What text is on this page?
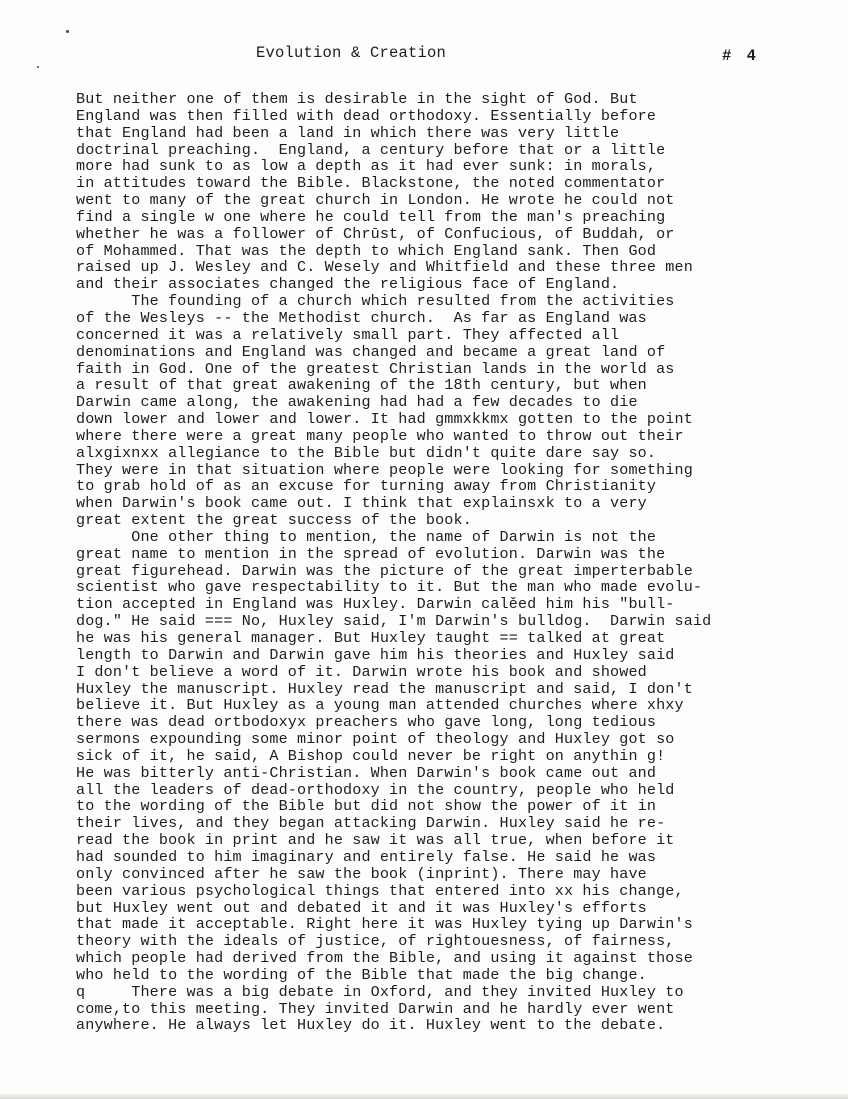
Evolution & Creation	# 4
But neither one of them is desirable in the sight of God. But
England was then filled with dead orthodoxy. Essentially before
that England had been a land in which there was very little
doctrinal preaching.  England, a century before that or a little
more had sunk to as low a depth as it had ever sunk: in morals,
in attitudes toward the Bible. Blackstone, the noted commentator
went to many of the great church in London. He wrote he could not
find a single w one where he could tell from the man's preaching
whether he was a follower of Chrūst, of Confucious, of Buddah, or
of Mohammed. That was the depth to which England sank. Then God
raised up J. Wesley and C. Wesely and Whitfield and these three men
and their associates changed the religious face of England.
The founding of a church which resulted from the activities
of the Wesleys -- the Methodist church.  As far as England was
concerned it was a relatively small part. They affected all
denominations and England was changed and became a great land of
faith in God. One of the greatest Christian lands in the world as
a result of that great awakening of the 18th century, but when
Darwin came along, the awakening had had a few decades to die
down lower and lower and lower. It had gmmxkkmx gotten to the point
where there were a great many people who wanted to throw out their
alxgixnxx allegiance to the Bible but didn't quite dare say so.
They were in that situation where people were looking for something
to grab hold of as an excuse for turning away from Christianity
when Darwin's book came out. I think that explainsxk to a very
great extent the great success of the book.
One other thing to mention, the name of Darwin is not the
great name to mention in the spread of evolution. Darwin was the
great figurehead. Darwin was the picture of the great imperterbable
scientist who gave respectability to it. But the man who made evolu-
tion accepted in England was Huxley. Darwin calěed him his "bull-
dog." He said === No, Huxley said, I'm Darwin's bulldog.  Darwin said
he was his general manager. But Huxley taught == talked at great
length to Darwin and Darwin gave him his theories and Huxley said
I don't believe a word of it. Darwin wrote his book and showed
Huxley the manuscript. Huxley read the manuscript and said, I don't
believe it. But Huxley as a young man attended churches where xhxy
there was dead ortbodoxyx preachers who gave long, long tedious
sermons expounding some minor point of theology and Huxley got so
sick of it, he said, A Bishop could never be right on anythin g!
He was bitterly anti-Christian. When Darwin's book came out and
all the leaders of dead-orthodoxy in the country, people who held
to the wording of the Bible but did not show the power of it in
their lives, and they began attacking Darwin. Huxley said he re-
read the book in print and he saw it was all true, when before it
had sounded to him imaginary and entirely false. He said he was
only convinced after he saw the book (inprint). There may have
been various psychological things that entered into xx his change,
but Huxley went out and debated it and it was Huxley's efforts
that made it acceptable. Right here it was Huxley tying up Darwin's
theory with the ideals of justice, of rightouesness, of fairness,
which people had derived from the Bible, and using it against those
who held to the wording of the Bible that made the big change.
q     There was a big debate in Oxford, and they invited Huxley to
come,to this meeting. They invited Darwin and he hardly ever went
anywhere. He always let Huxley do it. Huxley went to the debate.
